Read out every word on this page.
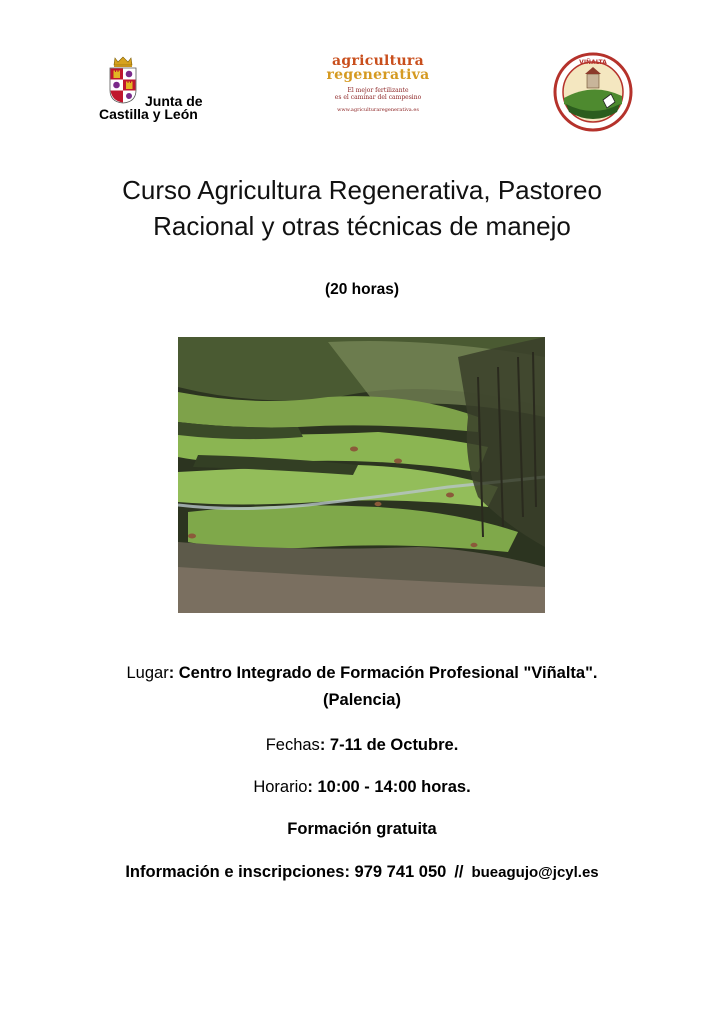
Junta de
Castilla y León
agricultura
regenerativa
El mejor fertilizante
es el caminar del campesino
www.agriculturaregenerativa.es
VIÑALTA
Curso Agricultura Regenerativa, Pastoreo
Racional y otras técnicas de manejo
(20 horas)
Lugar: Centro Integrado de Formación Profesional "Viñalta".
(Palencia)
Fechas: 7-11 de Octubre.
Horario: 10:00 - 14:00 horas.
Formación gratuita
Información e inscripciones: 979 741 050 // bueagujo@jcyl.es
